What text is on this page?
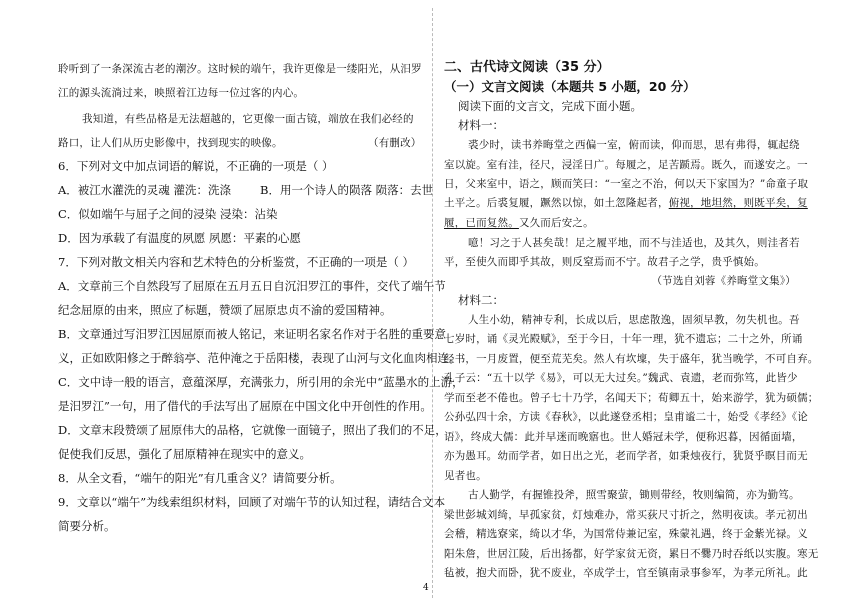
聆听到了一条深流古老的潮汐。这时候的端午，我许更像是一缕阳光，从汨罗
江的源头流淌过来，映照着江边每一位过客的内心。
我知道，有些品格是无法超越的，它更像一面古镜，端放在我们必经的
路口，让人们从历史影像中，找到现实的映像。	（有删改）
6．下列对文中加点词语的解说，不正确的一项是（ ）
A．被江水灌洗的灵魂 灌洗：洗涤	B．用一个诗人的陨落 陨落：去世
C．似如端午与屈子之间的浸染 浸染：沾染
D．因为承载了有温度的夙愿 夙愿：平素的心愿
7．下列对散文相关内容和艺术特色的分析鉴赏，不正确的一项是（ ）
A．文章前三个自然段写了屈原在五月五日自沉汨罗江的事件，交代了端午节
纪念屈原的由来，照应了标题，赞颂了屈原忠贞不渝的爱国精神。
B．文章通过写汨罗江因屈原而被人铭记，来证明名家名作对于名胜的重要意
义，正如欧阳修之于醉翁亭、范仲淹之于岳阳楼，表现了山河与文化血肉相连。
C．文中诗一般的语言，意蕴深厚，充满张力，所引用的余光中“蓝墨水的上游，
是汨罗江”一句，用了借代的手法写出了屈原在中国文化中开创性的作用。
D．文章末段赞颂了屈原伟大的品格，它就像一面镜子，照出了我们的不足，
促使我们反思，强化了屈原精神在现实中的意义。
8．从全文看，“端午的阳光”有几重含义？请简要分析。
9．文章以“端午”为线索组织材料，回顾了对端午节的认知过程，请结合文本
简要分析。
二、古代诗文阅读（35 分）
（一）文言文阅读（本题共 5 小题，20 分）
阅读下面的文言文，完成下面小题。
材料一：
裘少时，读书养晦堂之西偏一室，俯而读，仰而思，思有弗得，辄起绕
室以旋。室有洼，径尺，浸淫日广。每履之，足苦踬焉。既久，而遂安之。一
日，父来室中，语之，顾而笑曰：“一室之不治，何以天下家国为？”命童子取
土平之。后裘复履，蹶然以惊，如土忽隆起者，俯视，地坦然，则既平矣，复
履，已而复然。又久而后安之。
噫！习之于人甚矣哉！足之履平地，而不与洼适也，及其久，则洼者若
平，至使久而即乎其故，则反窒焉而不宁。故君子之学，贵乎慎始。
（节选自刘蓉《养晦堂文集》）
材料二：
人生小幼，精神专利，长成以后，思虑散逸，固须早教，勿失机也。吾
七岁时，诵《灵光殿赋》，至于今日，十年一理，犹不遗忘；二十之外，所诵
经书，一月废置，便至荒芜矣。然人有坎壈，失于盛年，犹当晚学，不可自弃。
孔子云：“五十以学《易》，可以无大过矣。”魏武、袁遗，老而弥笃，此皆少
学而至老不倦也。曾子七十乃学，名闻天下；荀卿五十，始来游学，犹为硕儒；
公孙弘四十余，方读《春秋》，以此遂登丞相；皇甫谧二十，始受《孝经》《论
语》，终成大儒：此并早迷而晚寤也。世人婚冠未学，便称迟暮，因循面墙，
亦为愚耳。幼而学者，如日出之光，老而学者，如秉烛夜行，犹贤乎瞑目而无
见者也。
古人勤学，有握锥投斧，照雪聚萤，锄则带经，牧则编简，亦为勤笃。
梁世彭城刘绮，早孤家贫，灯烛难办，常买荻尺寸折之，然明夜读。孝元初出
会稽，精选寮寀，绮以才华，为国常侍兼记室，殊蒙礼遇，终于金紫光禄。义
阳朱詹，世居江陵，后出扬都，好学家贫无资，累日不爨乃时吞纸以实腹。寒无
毡被，抱犬而卧，犹不废业，卒成学士，官至镇南录事参军，为孝元所礼。此
4
